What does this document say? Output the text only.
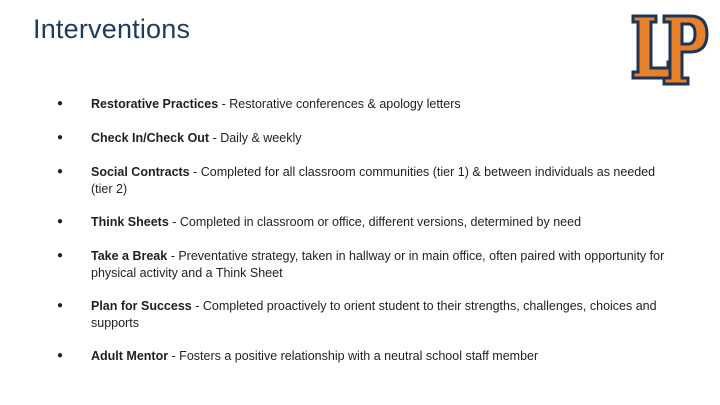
Interventions
● Restorative Practices - Restorative conferences & apology letters
● Check In/Check Out - Daily & weekly
● Social Contracts - Completed for all classroom communities (tier 1) & between individuals as needed (tier 2)
● Think Sheets - Completed in classroom or office, different versions, determined by need
● Take a Break - Preventative strategy, taken in hallway or in main office, often paired with opportunity for physical activity and a Think Sheet
● Plan for Success - Completed proactively to orient student to their strengths, challenges, choices and supports
● Adult Mentor - Fosters a positive relationship with a neutral school staff member
